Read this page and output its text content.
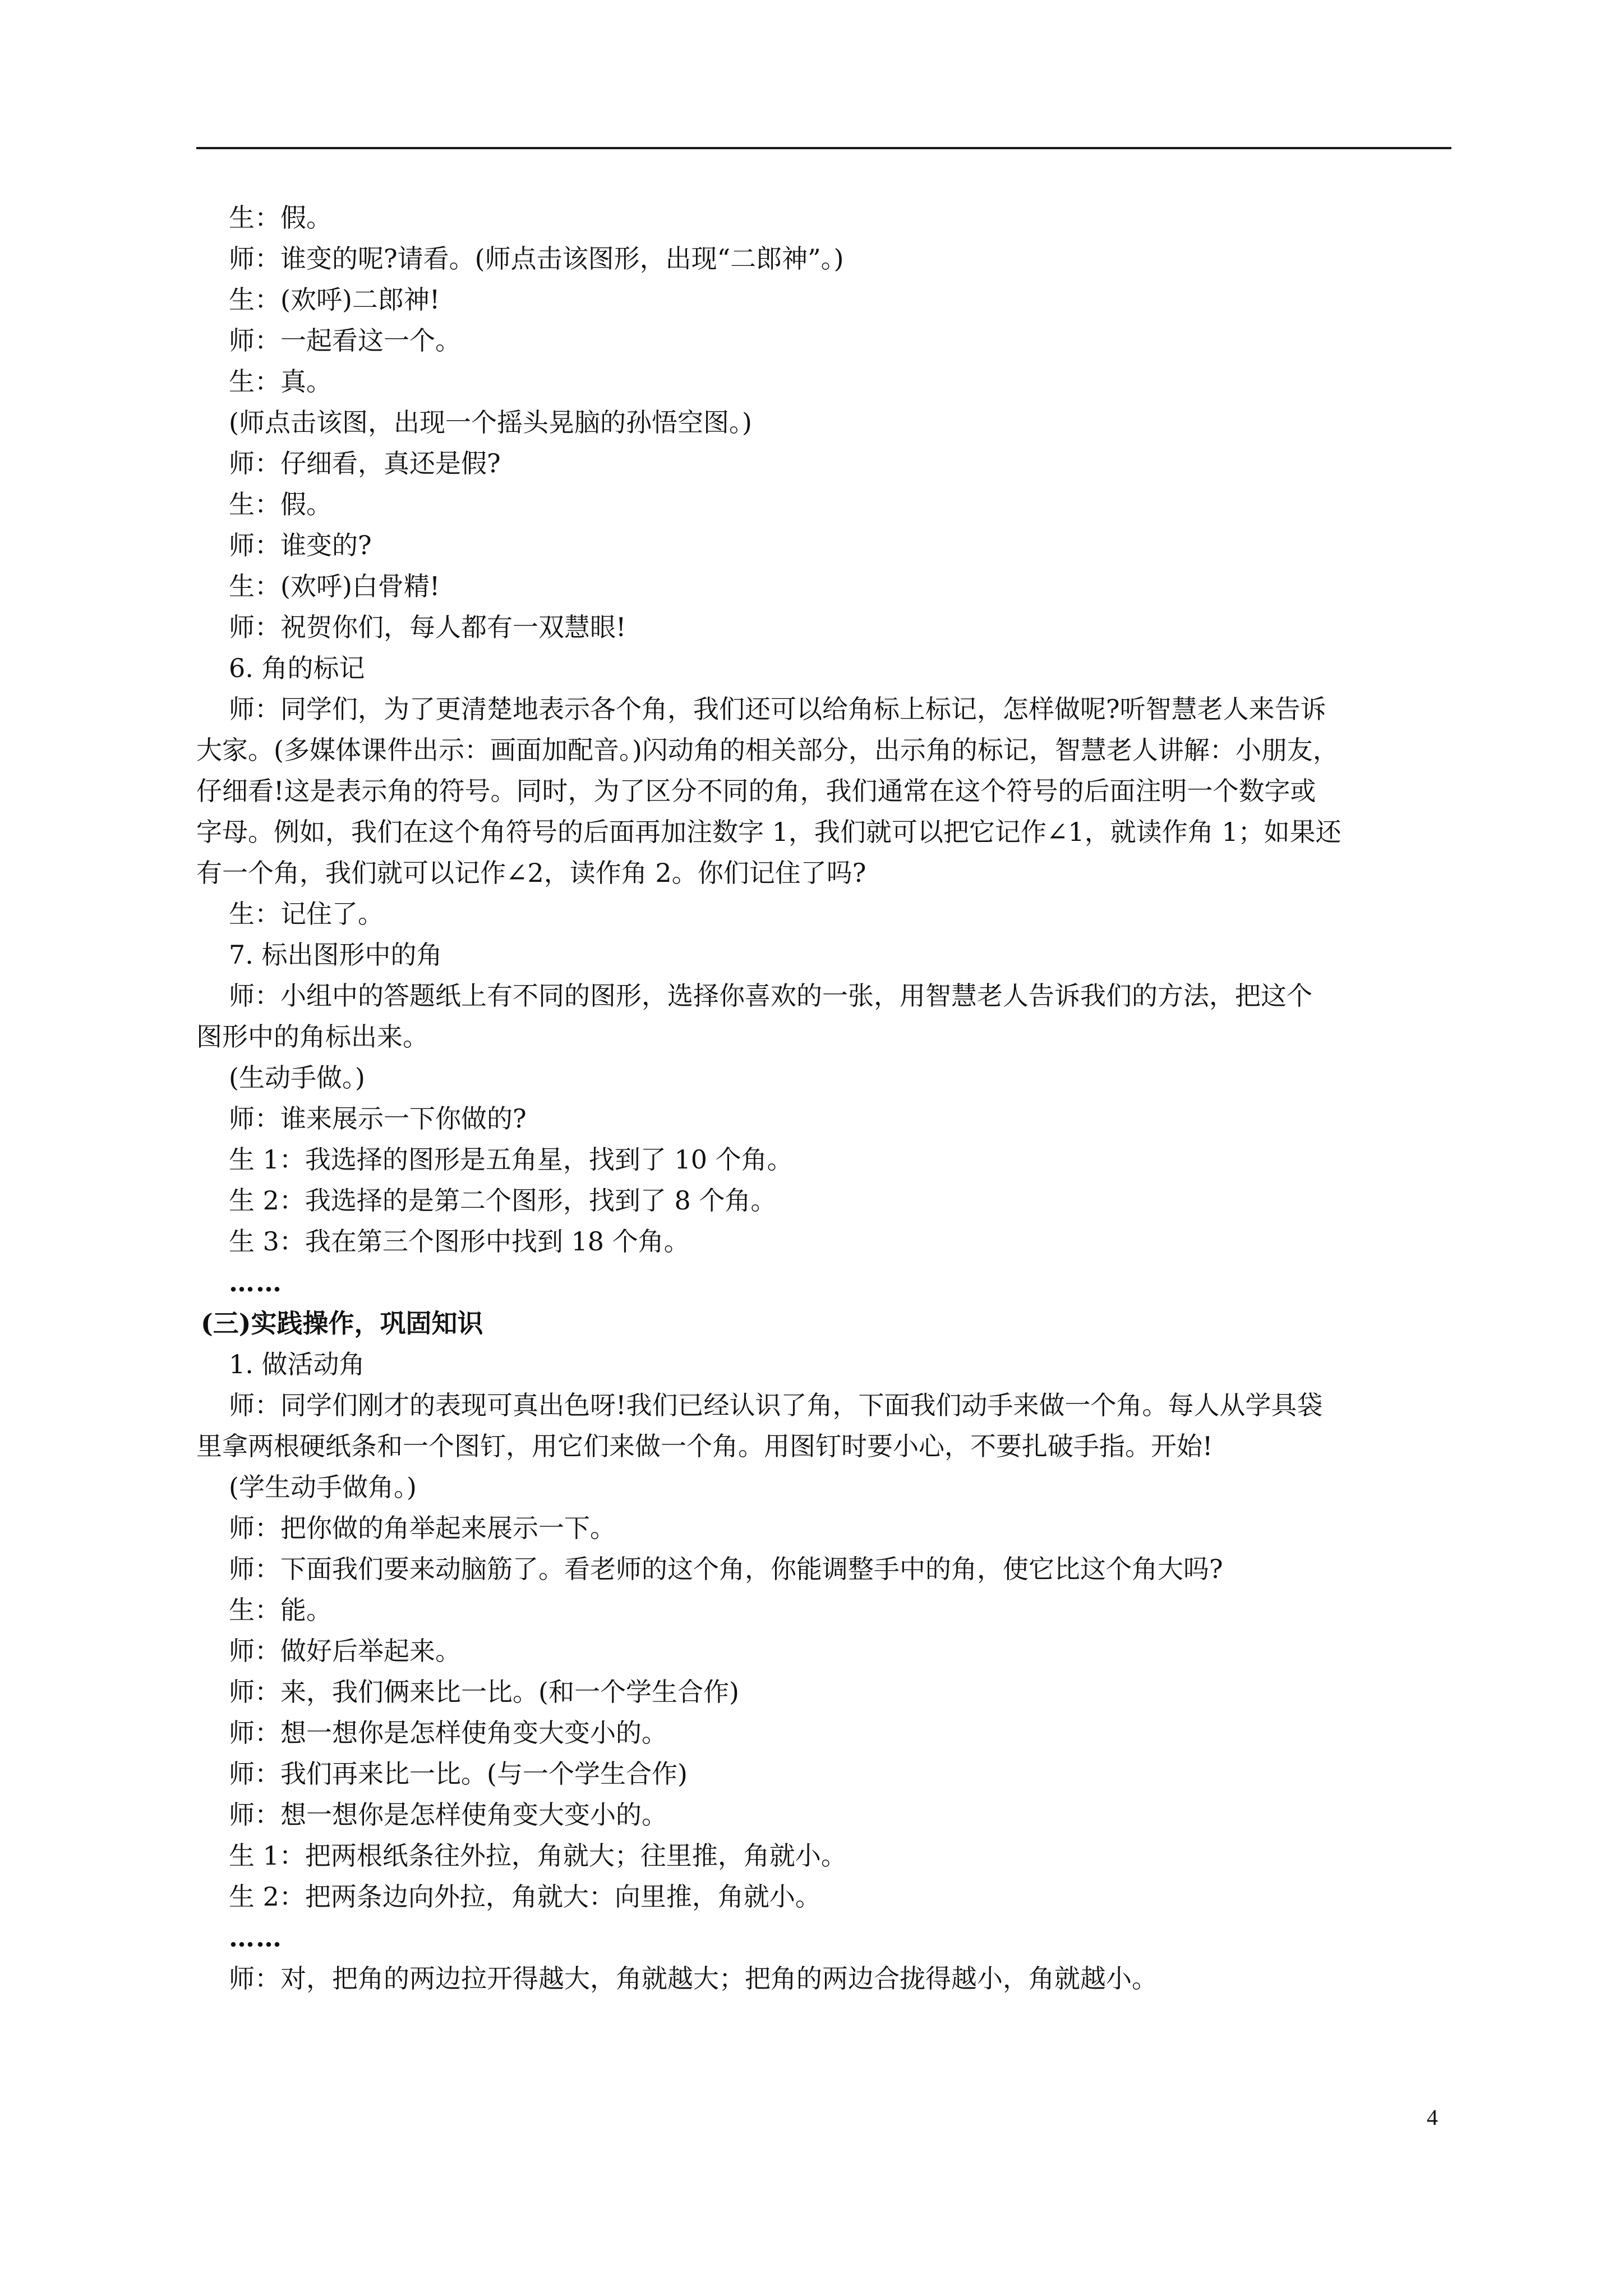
生：假。
师：谁变的呢?请看。(师点击该图形，出现“二郎神”。)
生：(欢呼)二郎神!
师：一起看这一个。
生：真。
(师点击该图，出现一个摇头晃脑的孙悟空图。)
师：仔细看，真还是假?
生：假。
师：谁变的?
生：(欢呼)白骨精!
师：祝贺你们，每人都有一双慧眼!
6. 角的标记
师：同学们，为了更清楚地表示各个角，我们还可以给角标上标记，怎样做呢?听智慧老人来告诉
大家。(多媒体课件出示：画面加配音。)闪动角的相关部分，出示角的标记，智慧老人讲解：小朋友，
仔细看!这是表示角的符号。同时，为了区分不同的角，我们通常在这个符号的后面注明一个数字或
字母。例如，我们在这个角符号的后面再加注数字 1，我们就可以把它记作∠1，就读作角 1；如果还
有一个角，我们就可以记作∠2，读作角 2。你们记住了吗?
生：记住了。
7. 标出图形中的角
师：小组中的答题纸上有不同的图形，选择你喜欢的一张，用智慧老人告诉我们的方法，把这个
图形中的角标出来。
(生动手做。)
师：谁来展示一下你做的?
生 1：我选择的图形是五角星，找到了 10 个角。
生 2：我选择的是第二个图形，找到了 8 个角。
生 3：我在第三个图形中找到 18 个角。
……
(三)实践操作，巩固知识
1. 做活动角
师：同学们刚才的表现可真出色呀!我们已经认识了角，下面我们动手来做一个角。每人从学具袋
里拿两根硬纸条和一个图钉，用它们来做一个角。用图钉时要小心，不要扎破手指。开始!
(学生动手做角。)
师：把你做的角举起来展示一下。
师：下面我们要来动脑筋了。看老师的这个角，你能调整手中的角，使它比这个角大吗?
生：能。
师：做好后举起来。
师：来，我们俩来比一比。(和一个学生合作)
师：想一想你是怎样使角变大变小的。
师：我们再来比一比。(与一个学生合作)
师：想一想你是怎样使角变大变小的。
生 1：把两根纸条往外拉，角就大；往里推，角就小。
生 2：把两条边向外拉，角就大：向里推，角就小。
……
师：对，把角的两边拉开得越大，角就越大；把角的两边合拢得越小，角就越小。
4
